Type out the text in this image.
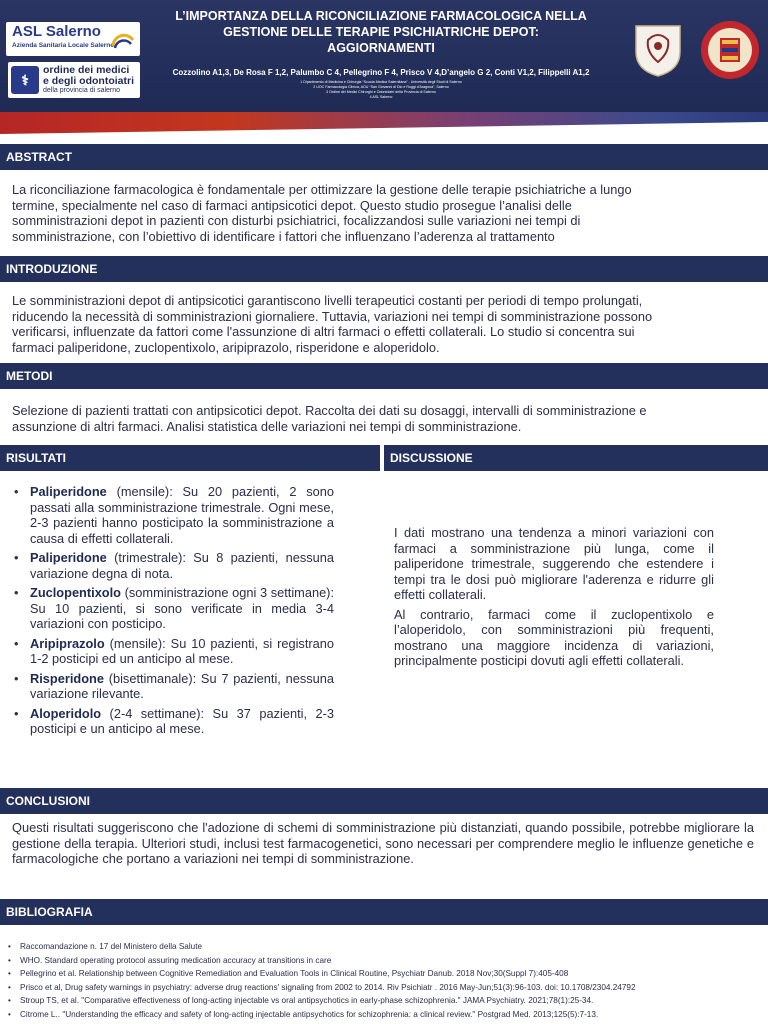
ASL Salerno
Azienda Sanitaria Locale Salerno
⚕
ordine dei medici
e degli odontoiatri
della provincia di salerno
L’IMPORTANZA DELLA RICONCILIAZIONE FARMACOLOGICA NELLA
GESTIONE DELLE TERAPIE PSICHIATRICHE DEPOT:
AGGIORNAMENTI
Cozzolino A1,3, De Rosa F 1,2, Palumbo C 4, Pellegrino F 4, Prisco V 4,D’angelo G 2, Conti V1,2, Filippelli A1,2
1 Dipartimento di Medicina e Chirurgia “Scuola Medica Salernitana” - Università degli Studi di Salerno
2 UOC Farmacologia Clinica, AOU “San Giovanni di Dio e Ruggi d’Aragona”, Salerno
3 Ordine dei Medici Chirurghi e Odontoiatri della Provincia di Salerno
4 ASL Salerno
ABSTRACT
La riconciliazione farmacologica è fondamentale per ottimizzare la gestione delle terapie psichiatriche a lungo
termine, specialmente nel caso di farmaci antipsicotici depot. Questo studio prosegue l’analisi delle
somministrazioni depot in pazienti con disturbi psichiatrici, focalizzandosi sulle variazioni nei tempi di
somministrazione, con l’obiettivo di identificare i fattori che influenzano l’aderenza al trattamento
INTRODUZIONE
Le somministrazioni depot di antipsicotici garantiscono livelli terapeutici costanti per periodi di tempo prolungati,
riducendo la necessità di somministrazioni giornaliere. Tuttavia, variazioni nei tempi di somministrazione possono
verificarsi, influenzate da fattori come l'assunzione di altri farmaci o effetti collaterali. Lo studio si concentra sui
farmaci paliperidone, zuclopentixolo, aripiprazolo, risperidone e aloperidolo.
METODI
Selezione di pazienti trattati con antipsicotici depot. Raccolta dei dati su dosaggi, intervalli di somministrazione e
assunzione di altri farmaci. Analisi statistica delle variazioni nei tempi di somministrazione.
RISULTATI	DISCUSSIONE
• Paliperidone (mensile): Su 20 pazienti, 2 sono passati alla somministrazione trimestrale. Ogni mese, 2-3 pazienti hanno posticipato la somministrazione a causa di effetti collaterali.
• Paliperidone (trimestrale): Su 8 pazienti, nessuna variazione degna di nota.
• Zuclopentixolo (somministrazione ogni 3 settimane): Su 10 pazienti, si sono verificate in media 3-4 variazioni con posticipo.
• Aripiprazolo (mensile): Su 10 pazienti, si registrano 1-2 posticipi ed un anticipo al mese.
• Risperidone (bisettimanale): Su 7 pazienti, nessuna variazione rilevante.
• Aloperidolo (2-4 settimane): Su 37 pazienti, 2-3 posticipi e un anticipo al mese.

I dati mostrano una tendenza a minori variazioni con farmaci a somministrazione più lunga, come il paliperidone trimestrale, suggerendo che estendere i tempi tra le dosi può migliorare l'aderenza e ridurre gli effetti collaterali.

Al contrario, farmaci come il zuclopentixolo e l’aloperidolo, con somministrazioni più frequenti, mostrano una maggiore incidenza di variazioni, principalmente posticipi dovuti agli effetti collaterali.

CONCLUSIONI
Questi risultati suggeriscono che l'adozione di schemi di somministrazione più distanziati, quando possibile, potrebbe migliorare la gestione della terapia. Ulteriori studi, inclusi test farmacogenetici, sono necessari per comprendere meglio le influenze genetiche e farmacologiche che portano a variazioni nei tempi di somministrazione.
BIBLIOGRAFIA
• Raccomandazione n. 17 del Ministero della Salute
• WHO. Standard operating protocol assuring medication accuracy at transitions in care
• Pellegrino et al. Relationship between Cognitive Remediation and Evaluation Tools in Clinical Routine, Psychiatr Danub. 2018 Nov;30(Suppl 7):405-408
• Prisco et al, Drug safety warnings in psychiatry: adverse drug reactions' signaling from 2002 to 2014. Riv Psichiatr . 2016 May-Jun;51(3):96-103. doi: 10.1708/2304.24792
• Stroup TS, et al. "Comparative effectiveness of long-acting injectable vs oral antipsychotics in early-phase schizophrenia." JAMA Psychiatry. 2021;78(1):25-34.
• Citrome L.. "Understanding the efficacy and safety of long-acting injectable antipsychotics for schizophrenia: a clinical review." Postgrad Med. 2013;125(5):7-13.
